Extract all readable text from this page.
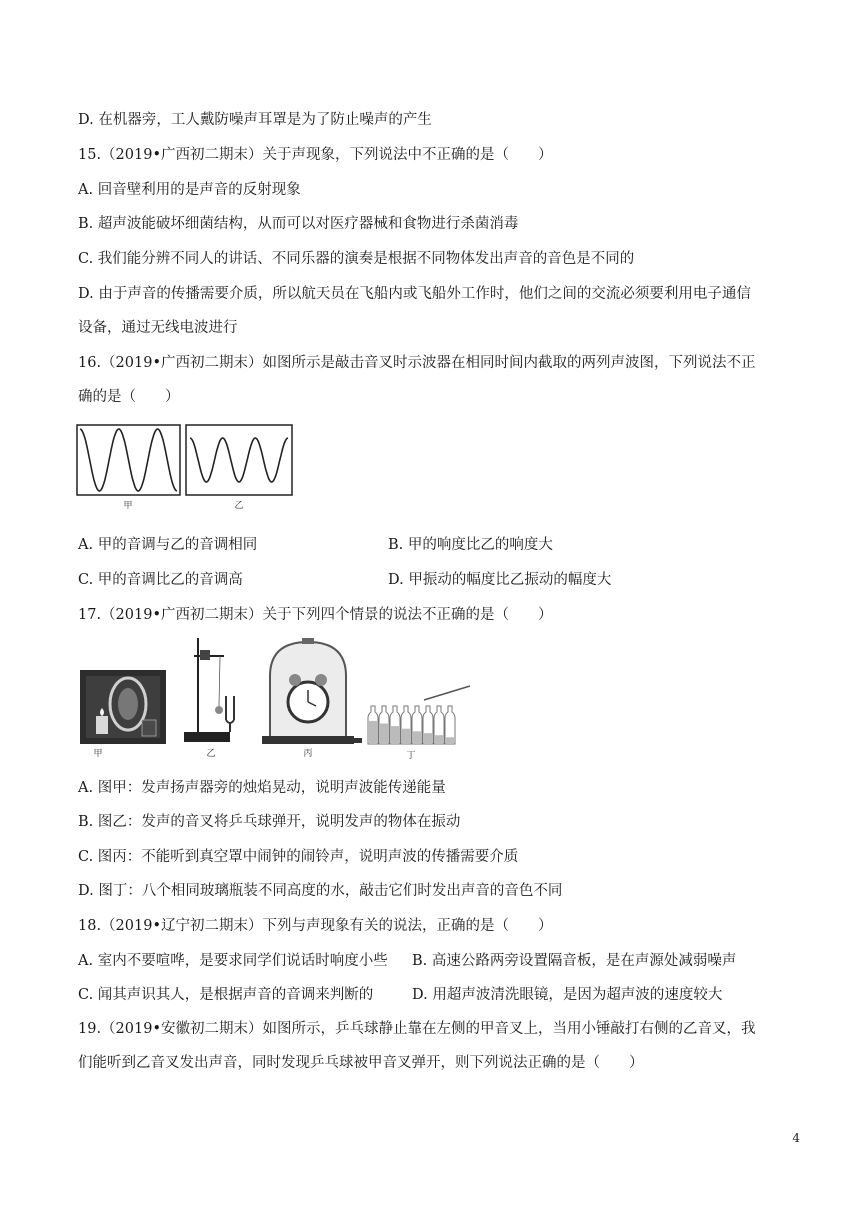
D. 在机器旁，工人戴防噪声耳罩是为了防止噪声的产生
15.（2019•广西初二期末）关于声现象，下列说法中不正确的是（　　）
A. 回音壁利用的是声音的反射现象
B. 超声波能破坏细菌结构，从而可以对医疗器械和食物进行杀菌消毒
C. 我们能分辨不同人的讲话、不同乐器的演奏是根据不同物体发出声音的音色是不同的
D. 由于声音的传播需要介质，所以航天员在飞船内或飞船外工作时，他们之间的交流必须要利用电子通信
设备，通过无线电波进行
16.（2019•广西初二期末）如图所示是敲击音叉时示波器在相同时间内截取的两列声波图，下列说法不正
确的是（　　）
甲	乙
A. 甲的音调与乙的音调相同	B. 甲的响度比乙的响度大
C. 甲的音调比乙的音调高	D. 甲振动的幅度比乙振动的幅度大
17.（2019•广西初二期末）关于下列四个情景的说法不正确的是（　　）
甲	乙	丙	丁
A. 图甲：发声扬声器旁的烛焰晃动，说明声波能传递能量
B. 图乙：发声的音叉将乒乓球弹开，说明发声的物体在振动
C. 图丙：不能听到真空罩中闹钟的闹铃声，说明声波的传播需要介质
D. 图丁：八个相同玻璃瓶装不同高度的水，敲击它们时发出声音的音色不同
18.（2019•辽宁初二期末）下列与声现象有关的说法，正确的是（　　）
A. 室内不要喧哗，是要求同学们说话时响度小些 B. 高速公路两旁设置隔音板，是在声源处减弱噪声
C. 闻其声识其人，是根据声音的音调来判断的	D. 用超声波清洗眼镜，是因为超声波的速度较大
19.（2019•安徽初二期末）如图所示，乒乓球静止靠在左侧的甲音叉上，当用小锤敲打右侧的乙音叉，我
们能听到乙音叉发出声音，同时发现乒乓球被甲音叉弹开，则下列说法正确的是（　　）
4
